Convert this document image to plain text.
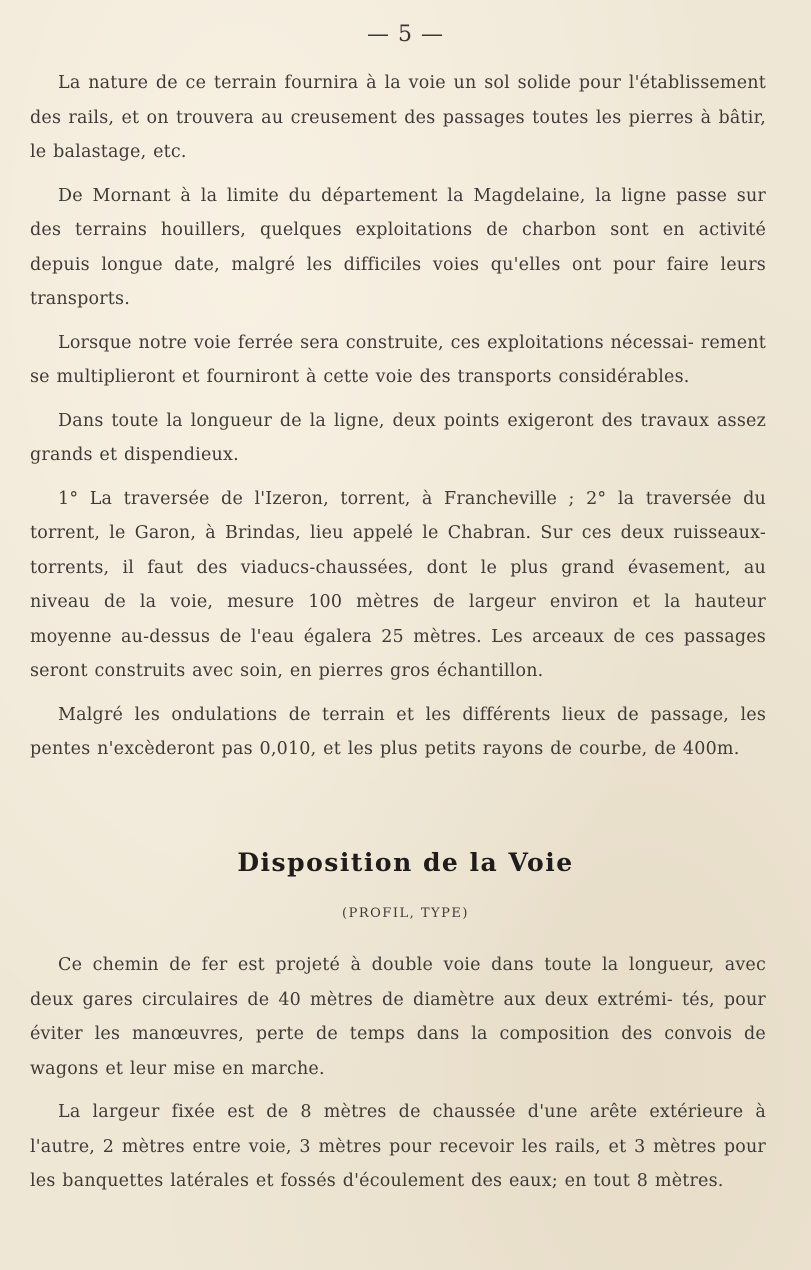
— 5 —

La nature de ce terrain fournira à la voie un sol solide pour l'établissement des rails, et on trouvera au creusement des passages toutes les pierres à bâtir, le balastage, etc.

De Mornant à la limite du département la Magdelaine, la ligne passe sur des terrains houillers, quelques exploitations de charbon sont en activité depuis longue date, malgré les difficiles voies qu'elles ont pour faire leurs transports.

Lorsque notre voie ferrée sera construite, ces exploitations nécessai- rement se multiplieront et fourniront à cette voie des transports considérables.

Dans toute la longueur de la ligne, deux points exigeront des travaux assez grands et dispendieux.

1° La traversée de l'Izeron, torrent, à Francheville ; 2° la traversée du torrent, le Garon, à Brindas, lieu appelé le Chabran. Sur ces deux ruisseaux-torrents, il faut des viaducs-chaussées, dont le plus grand évasement, au niveau de la voie, mesure 100 mètres de largeur environ et la hauteur moyenne au-dessus de l'eau égalera 25 mètres. Les arceaux de ces passages seront construits avec soin, en pierres gros échantillon.

Malgré les ondulations de terrain et les différents lieux de passage, les pentes n'excèderont pas 0,010, et les plus petits rayons de courbe, de 400m.

Disposition de la Voie
(PROFIL, TYPE)

Ce chemin de fer est projeté à double voie dans toute la longueur, avec deux gares circulaires de 40 mètres de diamètre aux deux extrémi- tés, pour éviter les manœuvres, perte de temps dans la composition des convois de wagons et leur mise en marche.

La largeur fixée est de 8 mètres de chaussée d'une arête extérieure à l'autre, 2 mètres entre voie, 3 mètres pour recevoir les rails, et 3 mètres pour les banquettes latérales et fossés d'écoulement des eaux; en tout 8 mètres.
